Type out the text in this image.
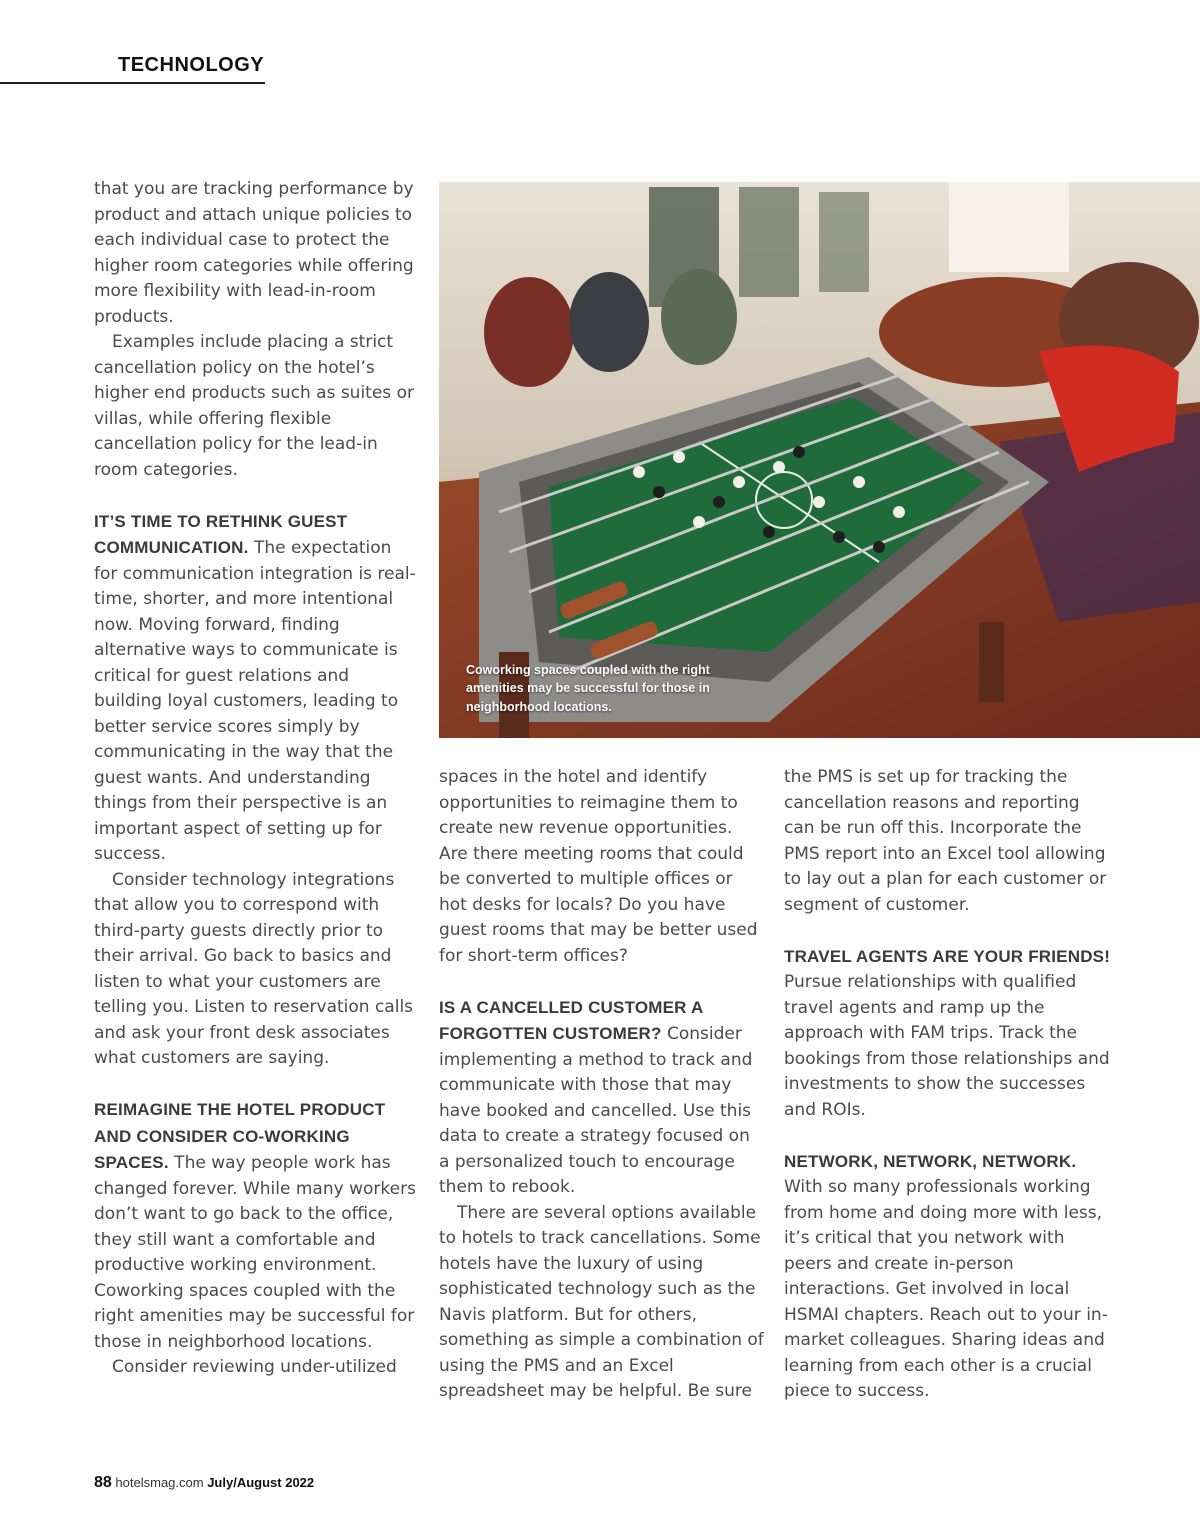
TECHNOLOGY

that you are tracking performance by product and attach unique policies to each individual case to protect the higher room categories while offering more flexibility with lead-in-room products.

Examples include placing a strict cancellation policy on the hotel’s higher end products such as suites or villas, while offering flexible cancellation policy for the lead-in room categories.

IT’S TIME TO RETHINK GUEST COMMUNICATION. The expectation for communication integration is real-time, shorter, and more intentional now. Moving forward, finding alternative ways to communicate is critical for guest relations and building loyal customers, leading to better service scores simply by communicating in the way that the guest wants. And understanding things from their perspective is an important aspect of setting up for success.

Consider technology integrations that allow you to correspond with third-party guests directly prior to their arrival. Go back to basics and listen to what your customers are telling you. Listen to reservation calls and ask your front desk associates what customers are saying.

REIMAGINE THE HOTEL PRODUCT AND CONSIDER CO-WORKING SPACES. The way people work has changed forever. While many workers don’t want to go back to the office, they still want a comfortable and productive working environment. Coworking spaces coupled with the right amenities may be successful for those in neighborhood locations.

Consider reviewing under-utilized

Coworking spaces coupled with the right amenities may be successful for those in neighborhood locations.

spaces in the hotel and identify opportunities to reimagine them to create new revenue opportunities. Are there meeting rooms that could be converted to multiple offices or hot desks for locals? Do you have guest rooms that may be better used for short-term offices?

IS A CANCELLED CUSTOMER A FORGOTTEN CUSTOMER? Consider implementing a method to track and communicate with those that may have booked and cancelled. Use this data to create a strategy focused on a personalized touch to encourage them to rebook.

There are several options available to hotels to track cancellations. Some hotels have the luxury of using sophisticated technology such as the Navis platform. But for others, something as simple a combination of using the PMS and an Excel spreadsheet may be helpful. Be sure

the PMS is set up for tracking the cancellation reasons and reporting can be run off this. Incorporate the PMS report into an Excel tool allowing to lay out a plan for each customer or segment of customer.

TRAVEL AGENTS ARE YOUR FRIENDS! Pursue relationships with qualified travel agents and ramp up the approach with FAM trips. Track the bookings from those relationships and investments to show the successes and ROIs.

NETWORK, NETWORK, NETWORK. With so many professionals working from home and doing more with less, it’s critical that you network with peers and create in-person interactions. Get involved in local HSMAI chapters. Reach out to your in-market colleagues. Sharing ideas and learning from each other is a crucial piece to success.

88 hotelsmag.com July/August 2022
